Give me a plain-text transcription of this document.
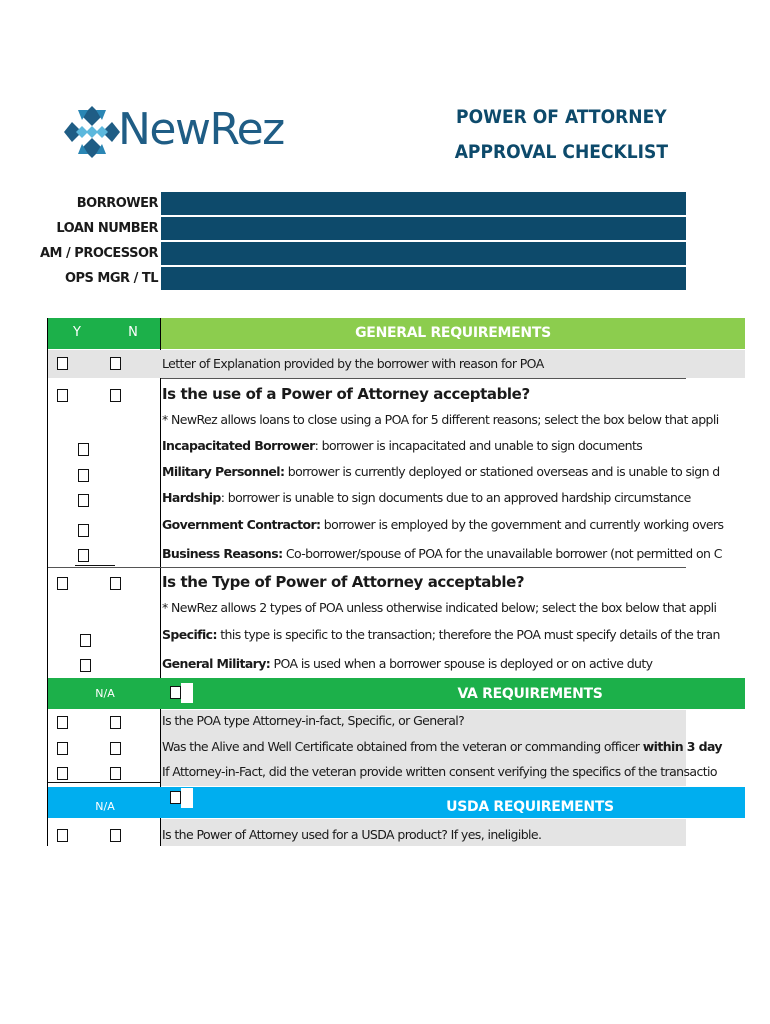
NewRez	POWER OF ATTORNEY
APPROVAL CHECKLIST
BORROWER
LOAN NUMBER
AM / PROCESSOR
OPS MGR / TL
Y	N	GENERAL REQUIREMENTS
Letter of Explanation provided by the borrower with reason for POA
Is the use of a Power of Attorney acceptable?
* NewRez allows loans to close using a POA for 5 different reasons; select the box below that appli
Incapacitated Borrower: borrower is incapacitated and unable to sign documents
Military Personnel: borrower is currently deployed or stationed overseas and is unable to sign d
Hardship: borrower is unable to sign documents due to an approved hardship circumstance
Government Contractor: borrower is employed by the government and currently working overs
Business Reasons: Co-borrower/spouse of POA for the unavailable borrower (not permitted on C
Is the Type of Power of Attorney acceptable?
* NewRez allows 2 types of POA unless otherwise indicated below; select the box below that appli
Specific: this type is specific to the transaction; therefore the POA must specify details of the tran
General Military: POA is used when a borrower spouse is deployed or on active duty
N/A	VA REQUIREMENTS
Is the POA type Attorney-in-fact, Specific, or General?
Was the Alive and Well Certificate obtained from the veteran or commanding officer within 3 day
If Attorney-in-Fact, did the veteran provide written consent verifying the specifics of the transactio
N/A	USDA REQUIREMENTS
Is the Power of Attorney used for a USDA product? If yes, ineligible.
